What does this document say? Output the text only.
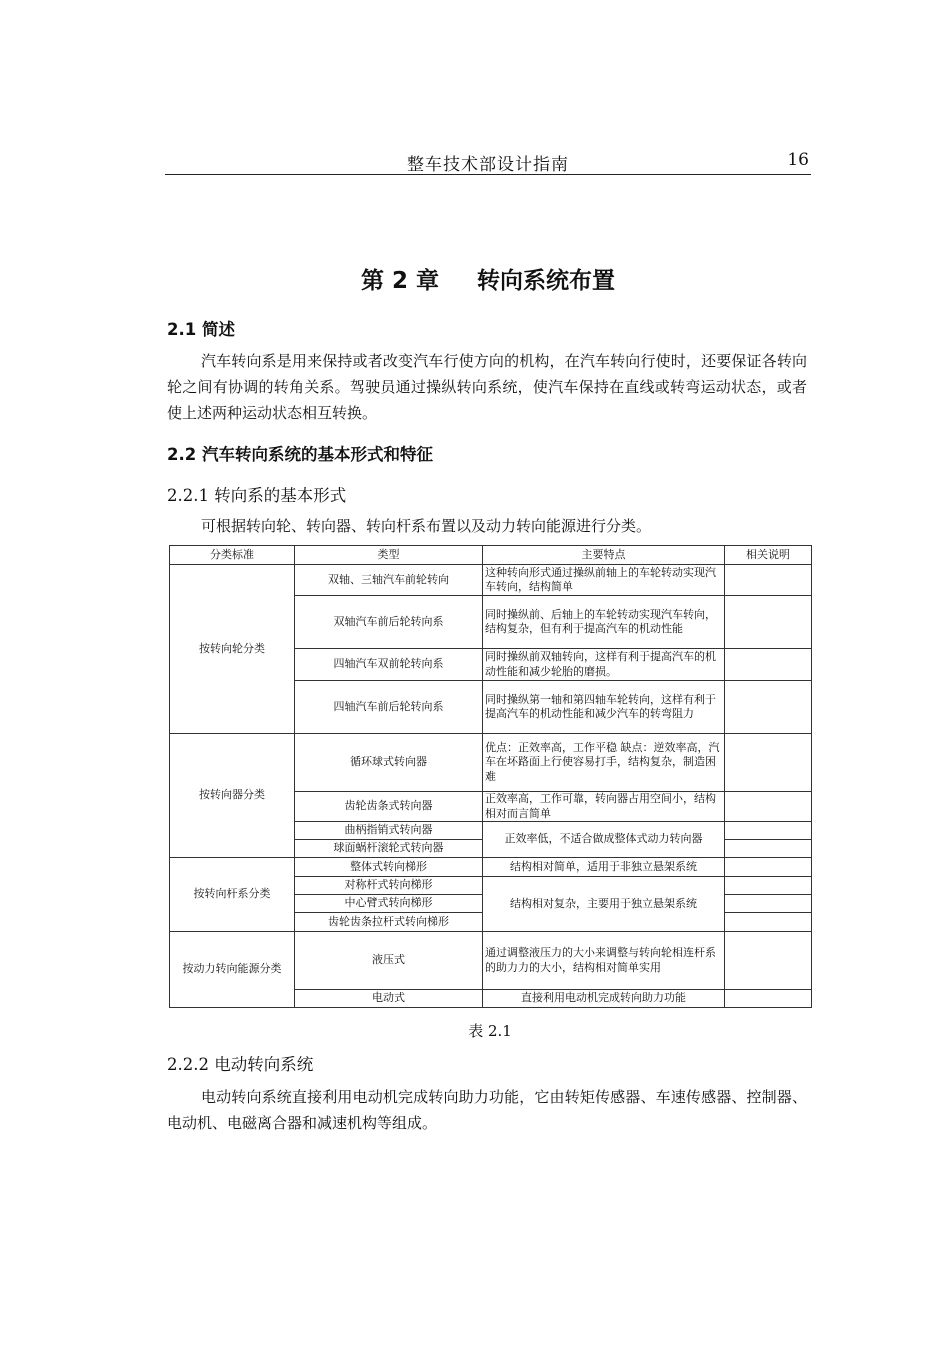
整车技术部设计指南	16
第 2 章 转向系统布置
2.1 简述
汽车转向系是用来保持或者改变汽车行使方向的机构，在汽车转向行使时，还要保证各转向轮之间有协调的转角关系。驾驶员通过操纵转向系统，使汽车保持在直线或转弯运动状态，或者使上述两种运动状态相互转换。
2.2 汽车转向系统的基本形式和特征
2.2.1 转向系的基本形式
可根据转向轮、转向器、转向杆系布置以及动力转向能源进行分类。
分类标准	类型	主要特点	相关说明
按转向轮分类	双轴、三轴汽车前轮转向	这种转向形式通过操纵前轴上的车轮转动实现汽车转向，结构简单	
	双轴汽车前后轮转向系	同时操纵前、后轴上的车轮转动实现汽车转向，结构复杂，但有利于提高汽车的机动性能	
	四轴汽车双前轮转向系	同时操纵前双轴转向，这样有利于提高汽车的机动性能和减少轮胎的磨损。	
	四轴汽车前后轮转向系	同时操纵第一轴和第四轴车轮转向，这样有利于提高汽车的机动性能和减少汽车的转弯阻力	
按转向器分类	循环球式转向器	优点：正效率高，工作平稳 缺点：逆效率高，汽车在坏路面上行使容易打手，结构复杂，制造困难	
	齿轮齿条式转向器	正效率高，工作可靠，转向器占用空间小，结构相对而言简单	
	曲柄指销式转向器	正效率低，不适合做成整体式动力转向器	
	球面蜗杆滚轮式转向器		
按转向杆系分类	整体式转向梯形	结构相对简单，适用于非独立悬架系统	
	对称杆式转向梯形	结构相对复杂，主要用于独立悬架系统	
	中心臂式转向梯形		
	齿轮齿条拉杆式转向梯形		
按动力转向能源分类	液压式	通过调整液压力的大小来调整与转向轮相连杆系的助力力的大小，结构相对简单实用	
	电动式	直接利用电动机完成转向助力功能	
表 2.1
2.2.2 电动转向系统
电动转向系统直接利用电动机完成转向助力功能，它由转矩传感器、车速传感器、控制器、电动机、电磁离合器和减速机构等组成。
